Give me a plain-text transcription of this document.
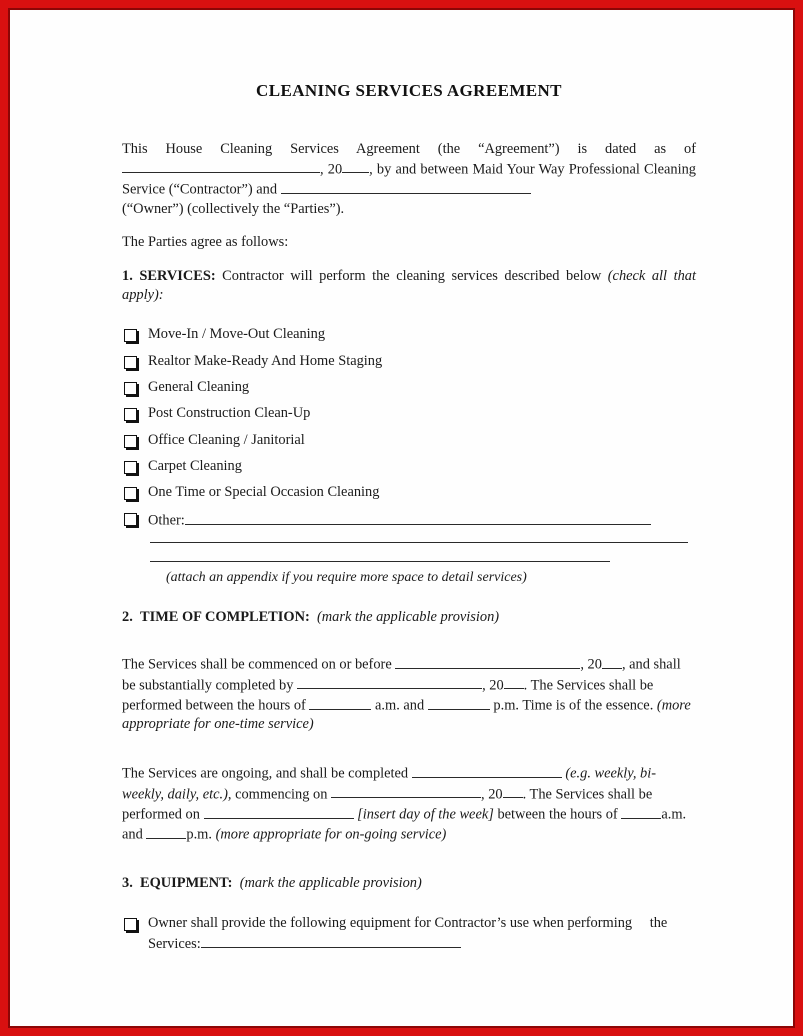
CLEANING SERVICES AGREEMENT

This House Cleaning Services Agreement (the “Agreement”) is dated as of , 20 , by and between Maid Your Way Professional Cleaning Service (“Contractor”) and
(“Owner”) (collectively the “Parties”).

The Parties agree as follows:

1. SERVICES: Contractor will perform the cleaning services described below (check all that apply):

Move-In / Move-Out Cleaning
Realtor Make-Ready And Home Staging
General Cleaning
Post Construction Clean-Up
Office Cleaning / Janitorial
Carpet Cleaning
One Time or Special Occasion Cleaning
Other:
(attach an appendix if you require more space to detail services)

2. TIME OF COMPLETION: (mark the applicable provision)

The Services shall be commenced on or before	, 20 , and shall be substantially completed by	, 20 . The Services shall be performed between the hours of	a.m. and	p.m. Time is of the essence. (more appropriate for one-time service)

The Services are ongoing, and shall be completed	(e.g. weekly, bi-weekly, daily, etc.), commencing on	, 20 . The Services shall be performed on	[insert day of the week] between the hours of	a.m. and	p.m. (more appropriate for on-going service)

3. EQUIPMENT: (mark the applicable provision)

Owner shall provide the following equipment for Contractor’s use when performing the Services:
